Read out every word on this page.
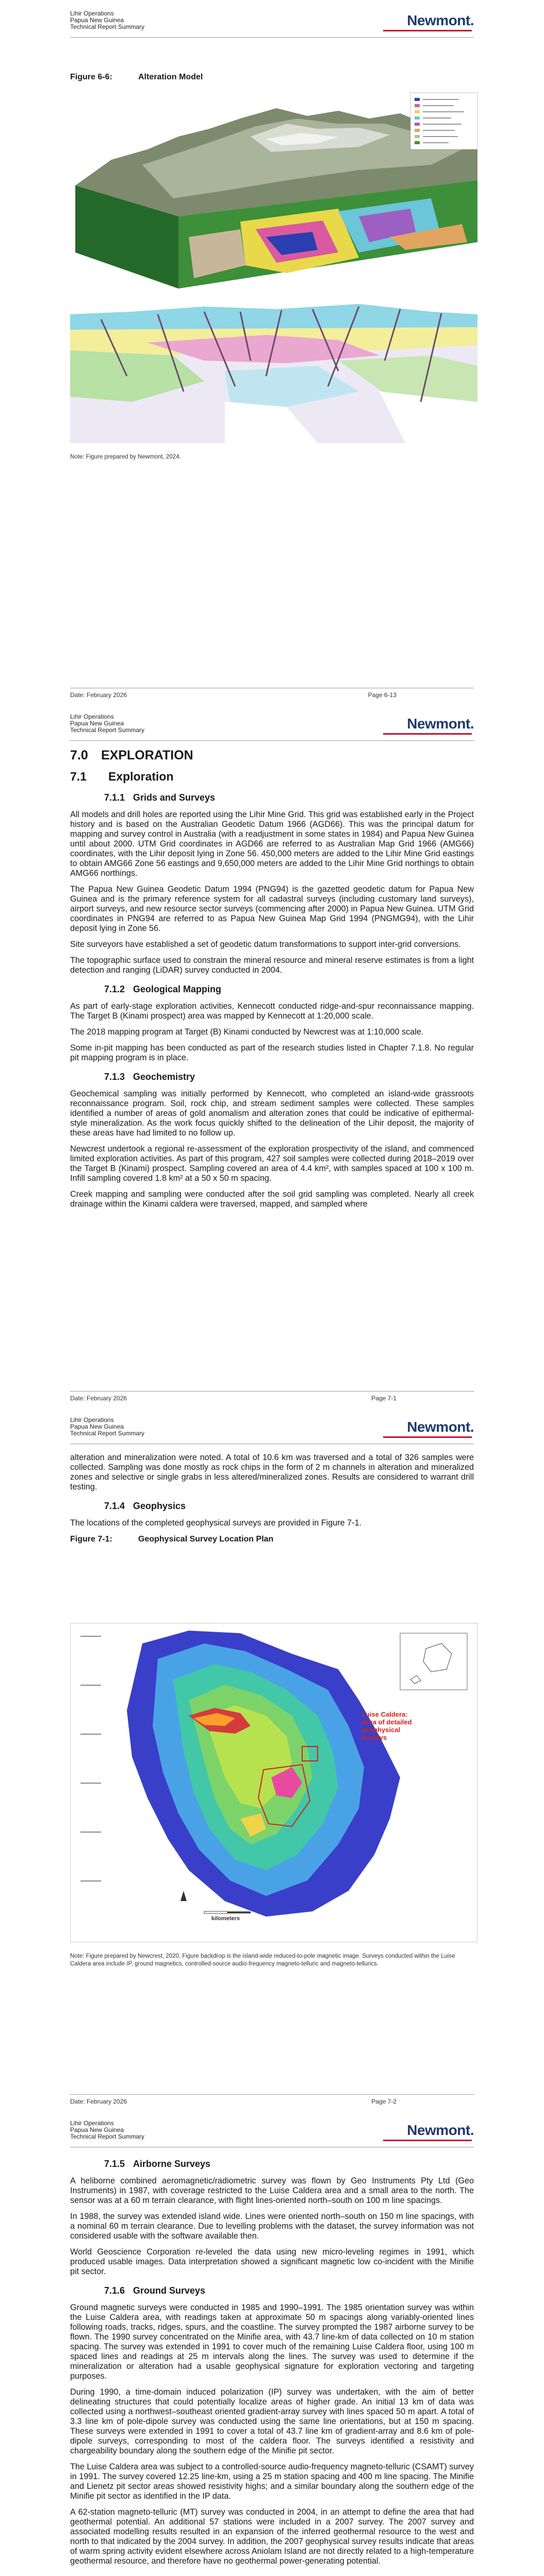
Lihir Operations
Papua New Guinea
Technical Report Summary	Newmont.

Figure 6-6:	Alteration Model

Note: Figure prepared by Newmont, 2024.
Date: February 2026	Page 6-13
Lihir Operations
Papua New Guinea
Technical Report Summary	Newmont.

7.0 EXPLORATION

7.1 Exploration

7.1.1 Grids and Surveys

All models and drill holes are reported using the Lihir Mine Grid. This grid was established early in the Project history and is based on the Australian Geodetic Datum 1966 (AGD66). This was the principal datum for mapping and survey control in Australia (with a readjustment in some states in 1984) and Papua New Guinea until about 2000. UTM Grid coordinates in AGD66 are referred to as Australian Map Grid 1966 (AMG66) coordinates, with the Lihir deposit lying in Zone 56. 450,000 meters are added to the Lihir Mine Grid eastings to obtain AMG66 Zone 56 eastings and 9,650,000 meters are added to the Lihir Mine Grid northings to obtain AMG66 northings.

The Papua New Guinea Geodetic Datum 1994 (PNG94) is the gazetted geodetic datum for Papua New Guinea and is the primary reference system for all cadastral surveys (including customary land surveys), airport surveys, and new resource sector surveys (commencing after 2000) in Papua New Guinea. UTM Grid coordinates in PNG94 are referred to as Papua New Guinea Map Grid 1994 (PNGMG94), with the Lihir deposit lying in Zone 56.

Site surveyors have established a set of geodetic datum transformations to support inter-grid conversions.

The topographic surface used to constrain the mineral resource and mineral reserve estimates is from a light detection and ranging (LiDAR) survey conducted in 2004.

7.1.2 Geological Mapping

As part of early-stage exploration activities, Kennecott conducted ridge-and-spur reconnaissance mapping. The Target B (Kinami prospect) area was mapped by Kennecott at 1:20,000 scale.

The 2018 mapping program at Target (B) Kinami conducted by Newcrest was at 1:10,000 scale.

Some in-pit mapping has been conducted as part of the research studies listed in Chapter 7.1.8. No regular pit mapping program is in place.

7.1.3 Geochemistry

Geochemical sampling was initially performed by Kennecott, who completed an island-wide grassroots reconnaissance program. Soil, rock chip, and stream sediment samples were collected. These samples identified a number of areas of gold anomalism and alteration zones that could be indicative of epithermal-style mineralization. As the work focus quickly shifted to the delineation of the Lihir deposit, the majority of these areas have had limited to no follow up.

Newcrest undertook a regional re-assessment of the exploration prospectivity of the island, and commenced limited exploration activities. As part of this program, 427 soil samples were collected during 2018–2019 over the Target B (Kinami) prospect. Sampling covered an area of 4.4 km², with samples spaced at 100 x 100 m. Infill sampling covered 1.8 km² at a 50 x 50 m spacing.

Creek mapping and sampling were conducted after the soil grid sampling was completed. Nearly all creek drainage within the Kinami caldera were traversed, mapped, and sampled where

Date: February 2026	Page 7-1
Lihir Operations
Papua New Guinea
Technical Report Summary	Newmont.

alteration and mineralization were noted. A total of 10.6 km was traversed and a total of 326 samples were collected. Sampling was done mostly as rock chips in the form of 2 m channels in alteration and mineralized zones and selective or single grabs in less altered/mineralized zones. Results are considered to warrant drill testing.

7.1.4 Geophysics

The locations of the completed geophysical surveys are provided in Figure 7-1.

Figure 7-1:	Geophysical Survey Location Plan

Luise Caldera:
Area of detailed
geophysical
surveys
kilometers
Note: Figure prepared by Newcrest, 2020. Figure backdrop is the island-wide reduced-to-pole magnetic image. Surveys conducted within the Luise Caldera area include IP, ground magnetics, controlled-source audio-frequency magneto-telluric and magneto-tellurics.
Date: February 2026	Page 7-2
Lihir Operations
Papua New Guinea
Technical Report Summary	Newmont.

7.1.5 Airborne Surveys

A heliborne combined aeromagnetic/radiometric survey was flown by Geo Instruments Pty Ltd (Geo Instruments) in 1987, with coverage restricted to the Luise Caldera area and a small area to the north. The sensor was at a 60 m terrain clearance, with flight lines-oriented north–south on 100 m line spacings.

In 1988, the survey was extended island wide. Lines were oriented north–south on 150 m line spacings, with a nominal 60 m terrain clearance. Due to levelling problems with the dataset, the survey information was not considered usable with the software available then.

World Geoscience Corporation re-leveled the data using new micro-leveling regimes in 1991, which produced usable images. Data interpretation showed a significant magnetic low co-incident with the Minifie pit sector.

7.1.6 Ground Surveys

Ground magnetic surveys were conducted in 1985 and 1990–1991. The 1985 orientation survey was within the Luise Caldera area, with readings taken at approximate 50 m spacings along variably-oriented lines following roads, tracks, ridges, spurs, and the coastline. The survey prompted the 1987 airborne survey to be flown. The 1990 survey concentrated on the Minifie area, with 43.7 line-km of data collected on 10 m station spacing. The survey was extended in 1991 to cover much of the remaining Luise Caldera floor, using 100 m spaced lines and readings at 25 m intervals along the lines. The survey was used to determine if the mineralization or alteration had a usable geophysical signature for exploration vectoring and targeting purposes.

During 1990, a time-domain induced polarization (IP) survey was undertaken, with the aim of better delineating structures that could potentially localize areas of higher grade. An initial 13 km of data was collected using a northwest–southeast oriented gradient-array survey with lines spaced 50 m apart. A total of 3.3 line km of pole-dipole survey was conducted using the same line orientations, but at 150 m spacing. These surveys were extended in 1991 to cover a total of 43.7 line km of gradient-array and 8.6 km of pole-dipole surveys, corresponding to most of the caldera floor. The surveys identified a resistivity and chargeability boundary along the southern edge of the Minifie pit sector.

The Luise Caldera area was subject to a controlled-source audio-frequency magneto-telluric (CSAMT) survey in 1991. The survey covered 12.25 line-km, using a 25 m station spacing and 400 m line spacing. The Minifie and Lienetz pit sector areas showed resistivity highs; and a similar boundary along the southern edge of the Minifie pit sector as identified in the IP data.

A 62-station magneto-telluric (MT) survey was conducted in 2004, in an attempt to define the area that had geothermal potential. An additional 57 stations were included in a 2007 survey. The 2007 survey and associated modelling results resulted in an expansion of the inferred geothermal resource to the west and north to that indicated by the 2004 survey. In addition, the 2007 geophysical survey results indicate that areas of warm spring activity evident elsewhere across Aniolam Island are not directly related to a high-temperature geothermal resource, and therefore have no geothermal power-generating potential.
